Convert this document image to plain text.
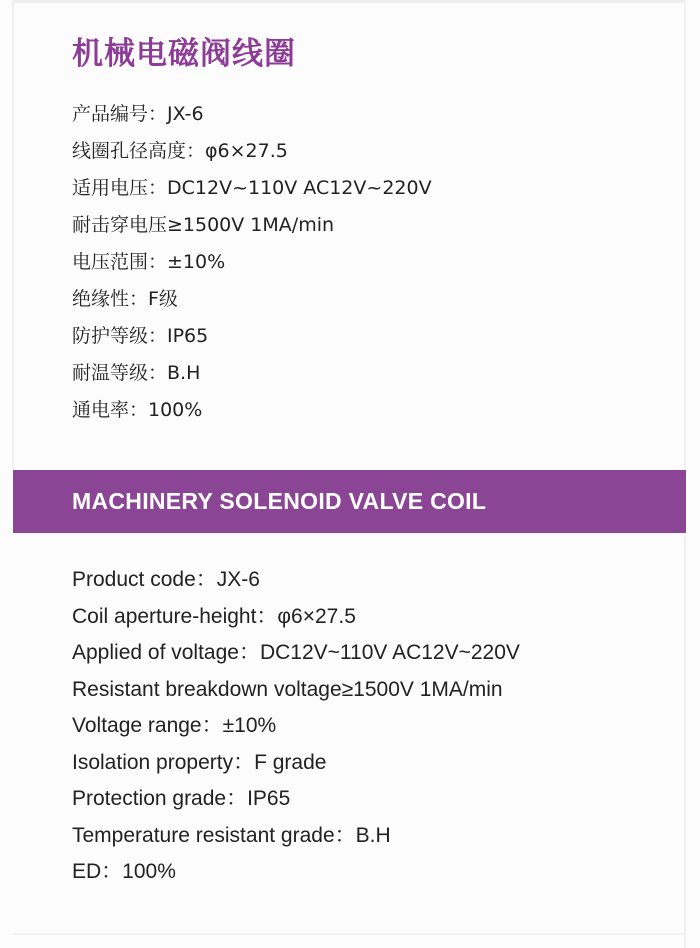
机械电磁阀线圈
产品编号：JX-6
线圈孔径高度：φ6×27.5
适用电压：DC12V~110V AC12V~220V
耐击穿电压≥1500V 1MA/min
电压范围：±10%
绝缘性：F级
防护等级：IP65
耐温等级：B.H
通电率：100%
MACHINERY SOLENOID VALVE COIL
Product code：JX-6
Coil aperture-height：φ6×27.5
Applied of voltage：DC12V~110V AC12V~220V
Resistant breakdown voltage≥1500V 1MA/min
Voltage range：±10%
Isolation property：F grade
Protection grade：IP65
Temperature resistant grade：B.H
ED：100%
